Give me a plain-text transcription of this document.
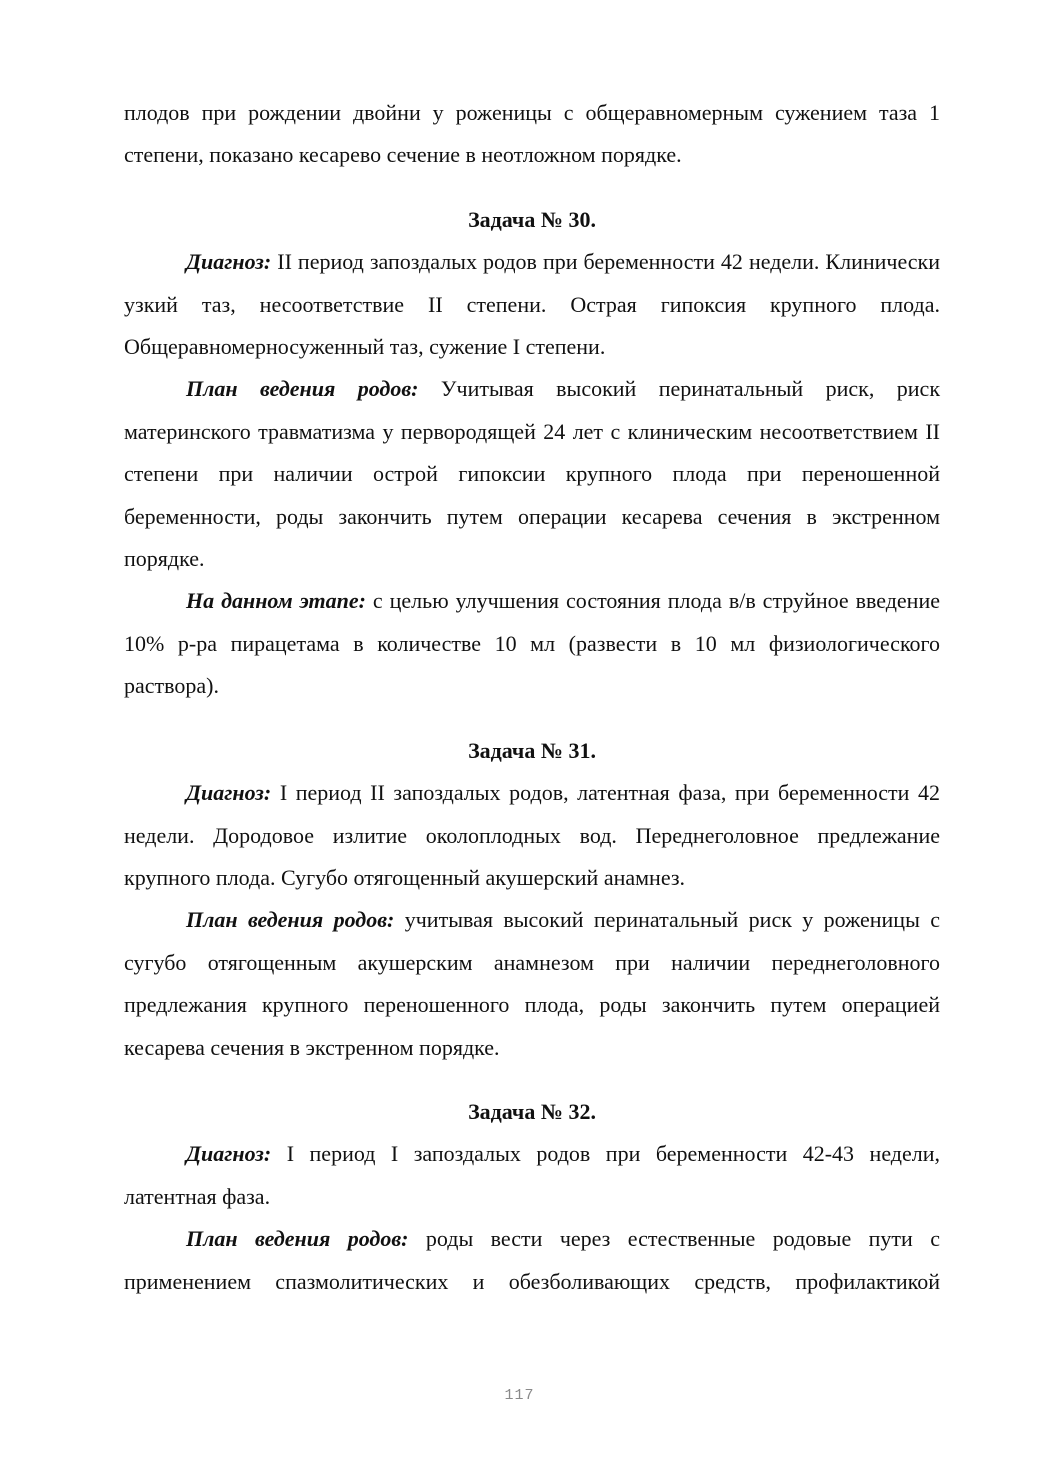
плодов при рождении двойни у роженицы с общеравномерным сужением таза 1 степени, показано кесарево сечение в неотложном порядке.

Задача № 30.

Диагноз: II период запоздалых родов при беременности 42 недели. Клинически узкий таз, несоответствие II степени. Острая гипоксия крупного плода. Общеравномерносуженный таз, сужение I степени.

План ведения родов: Учитывая высокий перинатальный риск, риск материнского травматизма у первородящей 24 лет с клиническим несоответствием II степени при наличии острой гипоксии крупного плода при переношенной беременности, роды закончить путем операции кесарева сечения в экстренном порядке.

На данном этапе: с целью улучшения состояния плода в/в струйное введение 10% р-ра пирацетама в количестве 10 мл (развести в 10 мл физиологического раствора).

Задача № 31.

Диагноз: I период II запоздалых родов, латентная фаза, при беременности 42 недели. Дородовое излитие околоплодных вод. Переднеголовное предлежание крупного плода. Сугубо отягощенный акушерский анамнез.

План ведения родов: учитывая высокий перинатальный риск у роженицы с сугубо отягощенным акушерским анамнезом при наличии переднеголовного предлежания крупного переношенного плода, роды закончить путем операцией кесарева сечения в экстренном порядке.

Задача № 32.

Диагноз: I период I запоздалых родов при беременности 42-43 недели, латентная фаза.

План ведения родов: роды вести через естественные родовые пути с применением спазмолитических и обезболивающих средств, профилактикой

117
